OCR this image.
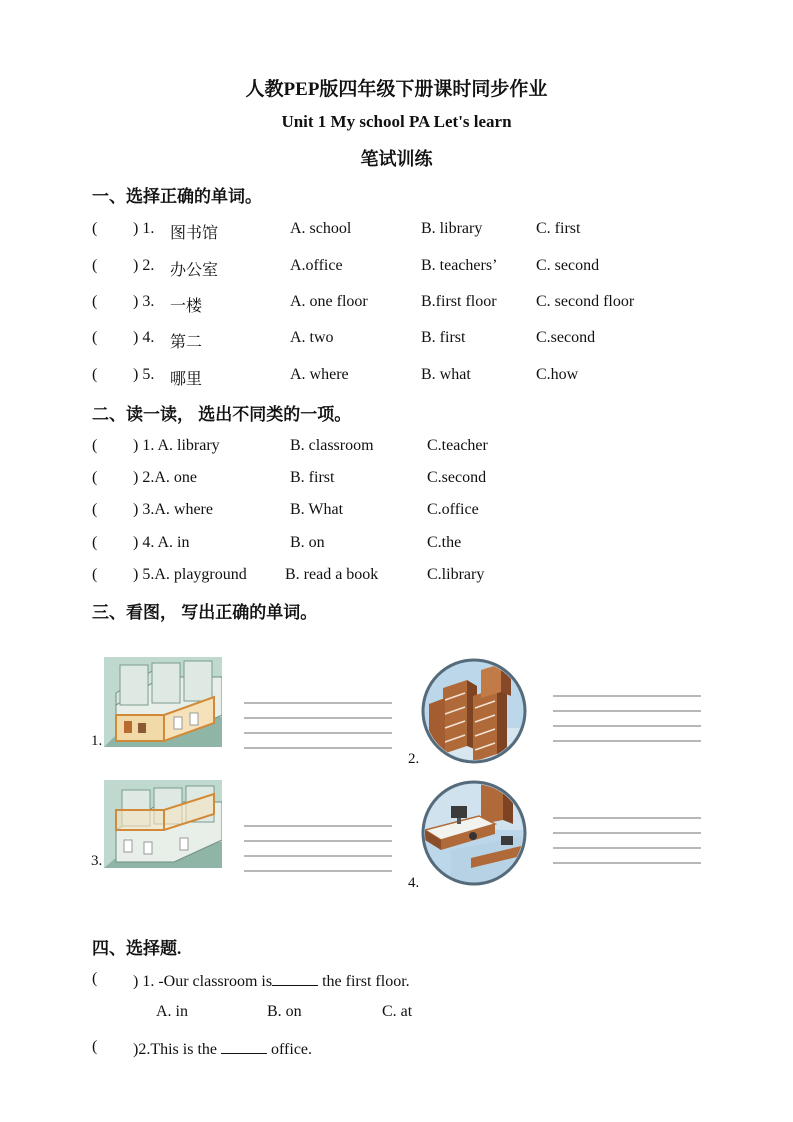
人教PEP版四年级下册课时同步作业
Unit 1 My school PA Let's learn
笔试训练
一、选择正确的单词。
( ) 1. 图书馆	A. school	B. library	C. first
( ) 2. 办公室	A.office	B. teachers’ C. second
( ) 3. 一楼	A. one floor	B.first floor C. second floor
( ) 4. 第二	A. two	B. first	C.second
( ) 5. 哪里	A. where	B. what	C.how
二、读一读， 选出不同类的一项。
( ) 1. A. library	B. classroom	C.teacher
( ) 2.A. one	B. first	C.second
( ) 3.A. where	B. What	C.office
( ) 4. A. in	B. on	C.the
( ) 5.A. playground B. read a book	C.library
三、看图， 写出正确的单词。
1.
2.
3.
4.
四、选择题.
( ) 1. -Our classroom is	the first floor.
A. in	B. on	C. at
( )2.This is the	office.
